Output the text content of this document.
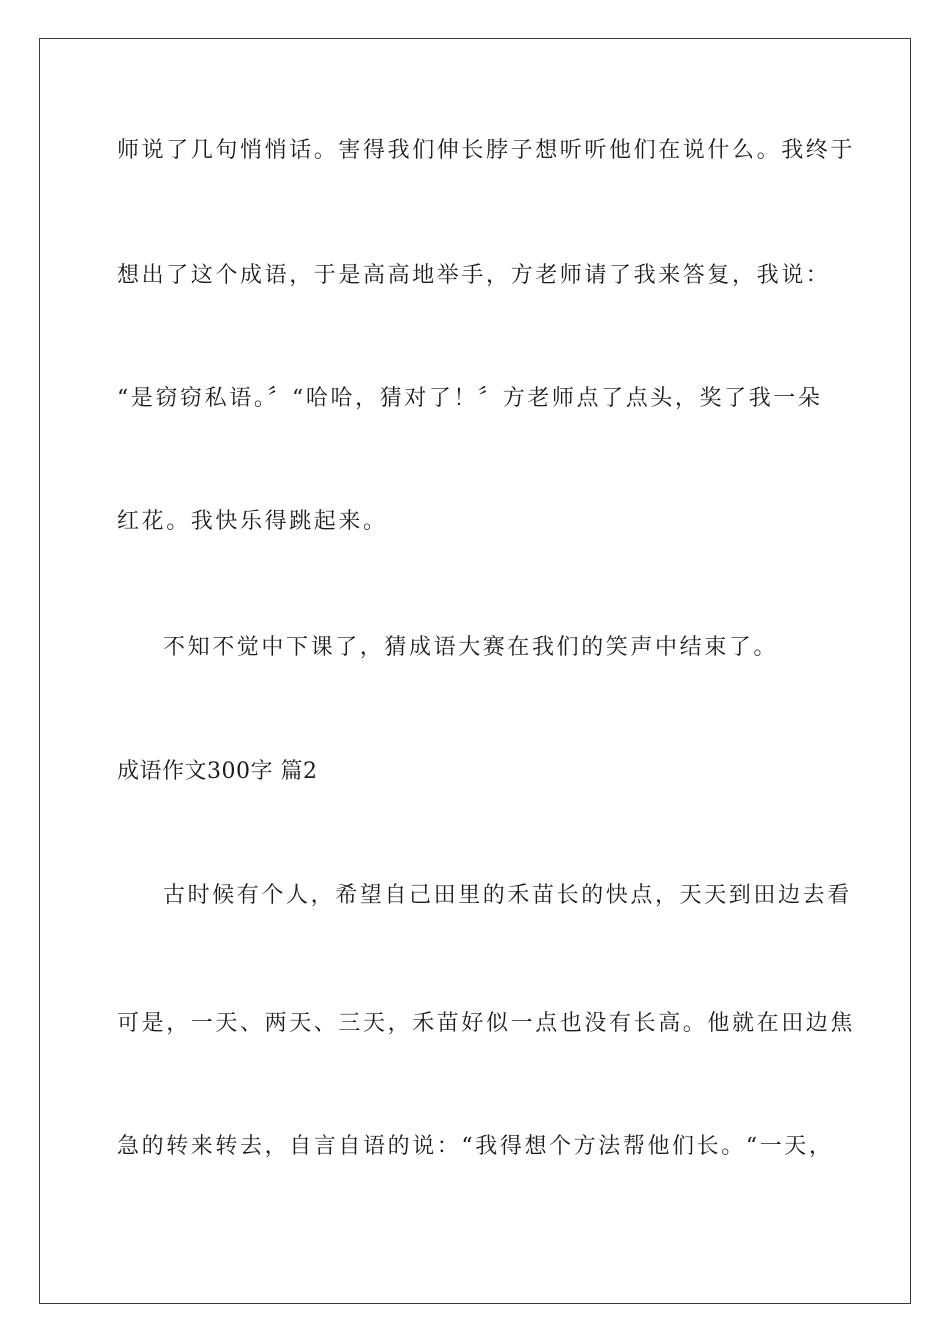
师说了几句悄悄话。害得我们伸长脖子想听听他们在说什么。我终于
想出了这个成语，于是高高地举手，方老师请了我来答复，我说：
“是窃窃私语。〞“哈哈，猜对了！〞方老师点了点头，奖了我一朵
红花。我快乐得跳起来。
不知不觉中下课了，猜成语大赛在我们的笑声中结束了。
成语作文300字 篇2
古时候有个人，希望自己田里的禾苗长的快点，天天到田边去看
可是，一天、两天、三天，禾苗好似一点也没有长高。他就在田边焦
急的转来转去，自言自语的说：“我得想个方法帮他们长。“一天，
